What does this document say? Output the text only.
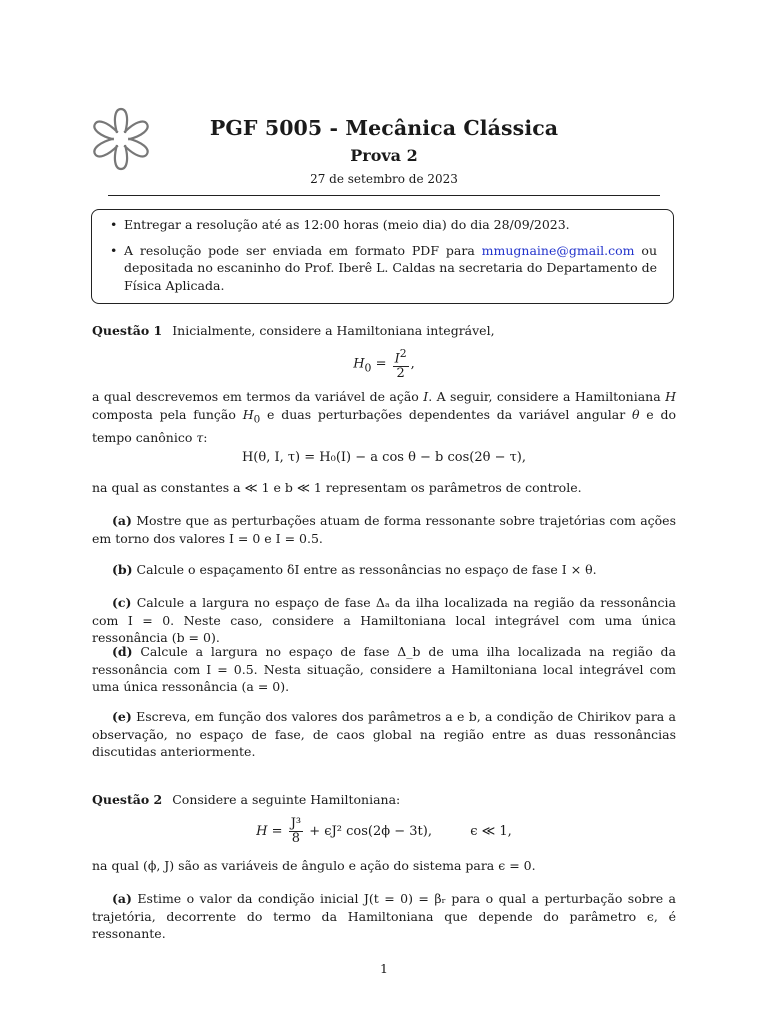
PGF 5005 - Mecânica Clássica
Prova 2
27 de setembro de 2023
• Entregar a resolução até as 12:00 horas (meio dia) do dia 28/09/2023.
• A resolução pode ser enviada em formato PDF para mmugnaine@gmail.com ou depositada no escaninho do Prof. Iberê L. Caldas na secretaria do Departamento de Física Aplicada.
Questão 1 Inicialmente, considere a Hamiltoniana integrável,
$H_0 = \frac{I^2}{2}$ ,
a qual descrevemos em termos da variável de ação I. A seguir, considere a Hamiltoniana H composta pela função $H_0$ e duas perturbações dependentes da variável angular θ e do tempo canônico τ:
H(θ, I, τ) = H₀(I) − a cos θ − b cos(2θ − τ),
na qual as constantes a ≪ 1 e b ≪ 1 representam os parâmetros de controle.
(a) Mostre que as perturbações atuam de forma ressonante sobre trajetórias com ações em torno dos valores I = 0 e I = 0.5.
(b) Calcule o espaçamento δI entre as ressonâncias no espaço de fase I × θ.
(c) Calcule a largura no espaço de fase Δₐ da ilha localizada na região da ressonância com I = 0. Neste caso, considere a Hamiltoniana local integrável com uma única ressonância (b = 0).
(d) Calcule a largura no espaço de fase Δ_b de uma ilha localizada na região da ressonância com I = 0.5. Nesta situação, considere a Hamiltoniana local integrável com uma única ressonância (a = 0).
(e) Escreva, em função dos valores dos parâmetros a e b, a condição de Chirikov para a observação, no espaço de fase, de caos global na região entre as duas ressonâncias discutidas anteriormente.
Questão 2 Considere a seguinte Hamiltoniana:
$H = \frac{\text{J³}}{8} + \epsilon J^2$ cos(2ϕ − 3t),	ϵ ≪ 1,
na qual (ϕ, J) são as variáveis de ângulo e ação do sistema para ϵ = 0.
(a) Estime o valor da condição inicial J(t = 0) = βᵣ para o qual a perturbação sobre a trajetória, decorrente do termo da Hamiltoniana que depende do parâmetro ϵ, é ressonante.
1
